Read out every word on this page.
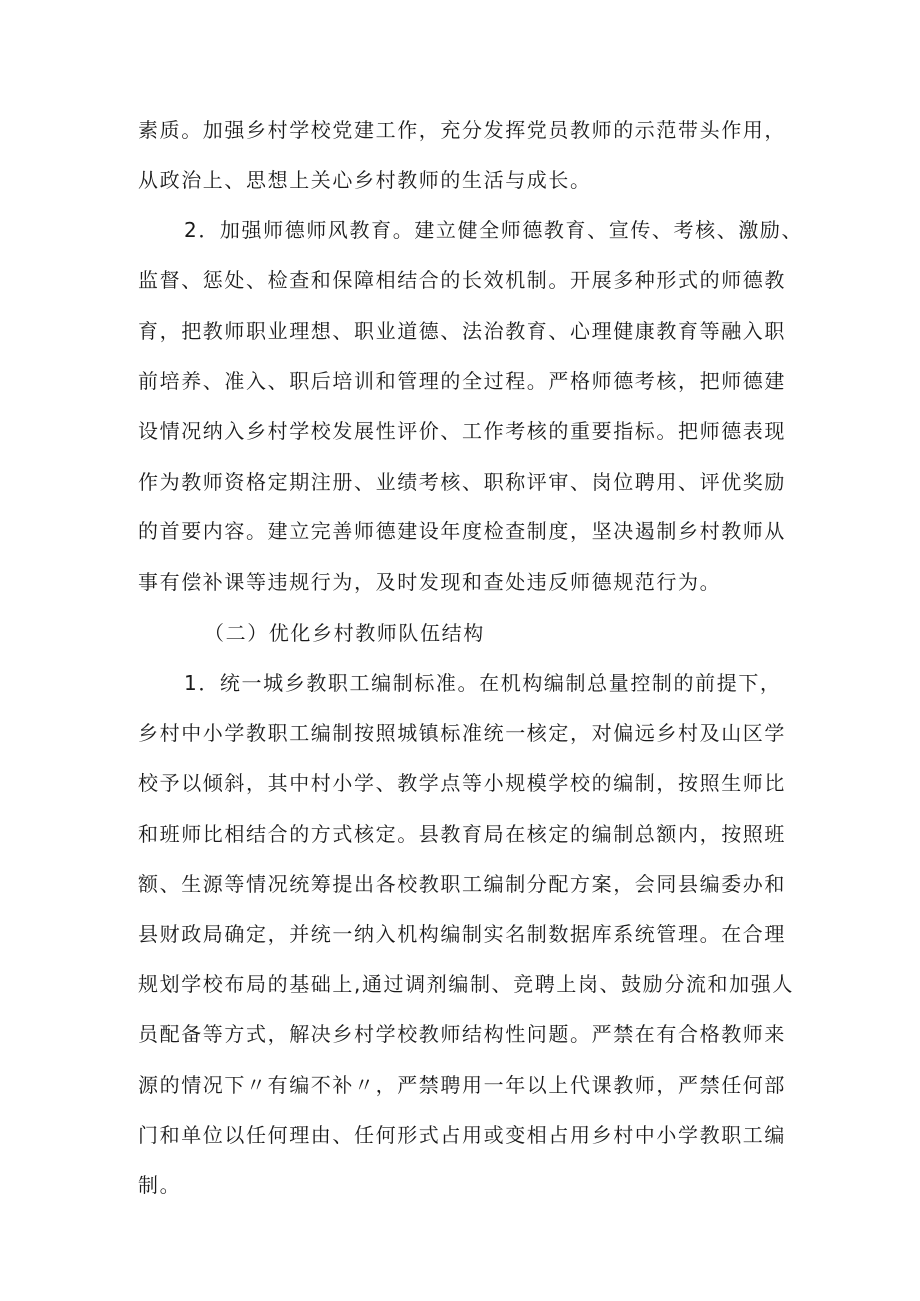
素质。加强乡村学校党建工作，充分发挥党员教师的示范带头作用，

从政治上、思想上关心乡村教师的生活与成长。

2．加强师德师风教育。建立健全师德教育、宣传、考核、激励、

监督、惩处、检查和保障相结合的长效机制。开展多种形式的师德教

育，把教师职业理想、职业道德、法治教育、心理健康教育等融入职

前培养、准入、职后培训和管理的全过程。严格师德考核，把师德建

设情况纳入乡村学校发展性评价、工作考核的重要指标。把师德表现

作为教师资格定期注册、业绩考核、职称评审、岗位聘用、评优奖励

的首要内容。建立完善师德建设年度检查制度，坚决遏制乡村教师从

事有偿补课等违规行为，及时发现和查处违反师德规范行为。

（二）优化乡村教师队伍结构

1．统一城乡教职工编制标准。在机构编制总量控制的前提下，

乡村中小学教职工编制按照城镇标准统一核定，对偏远乡村及山区学

校予以倾斜，其中村小学、教学点等小规模学校的编制，按照生师比

和班师比相结合的方式核定。县教育局在核定的编制总额内，按照班

额、生源等情况统筹提出各校教职工编制分配方案，会同县编委办和

县财政局确定，并统一纳入机构编制实名制数据库系统管理。在合理

规划学校布局的基础上,通过调剂编制、竞聘上岗、鼓励分流和加强人

员配备等方式，解决乡村学校教师结构性问题。严禁在有合格教师来

源的情况下〃有编不补〃，严禁聘用一年以上代课教师，严禁任何部

门和单位以任何理由、任何形式占用或变相占用乡村中小学教职工编

制。
